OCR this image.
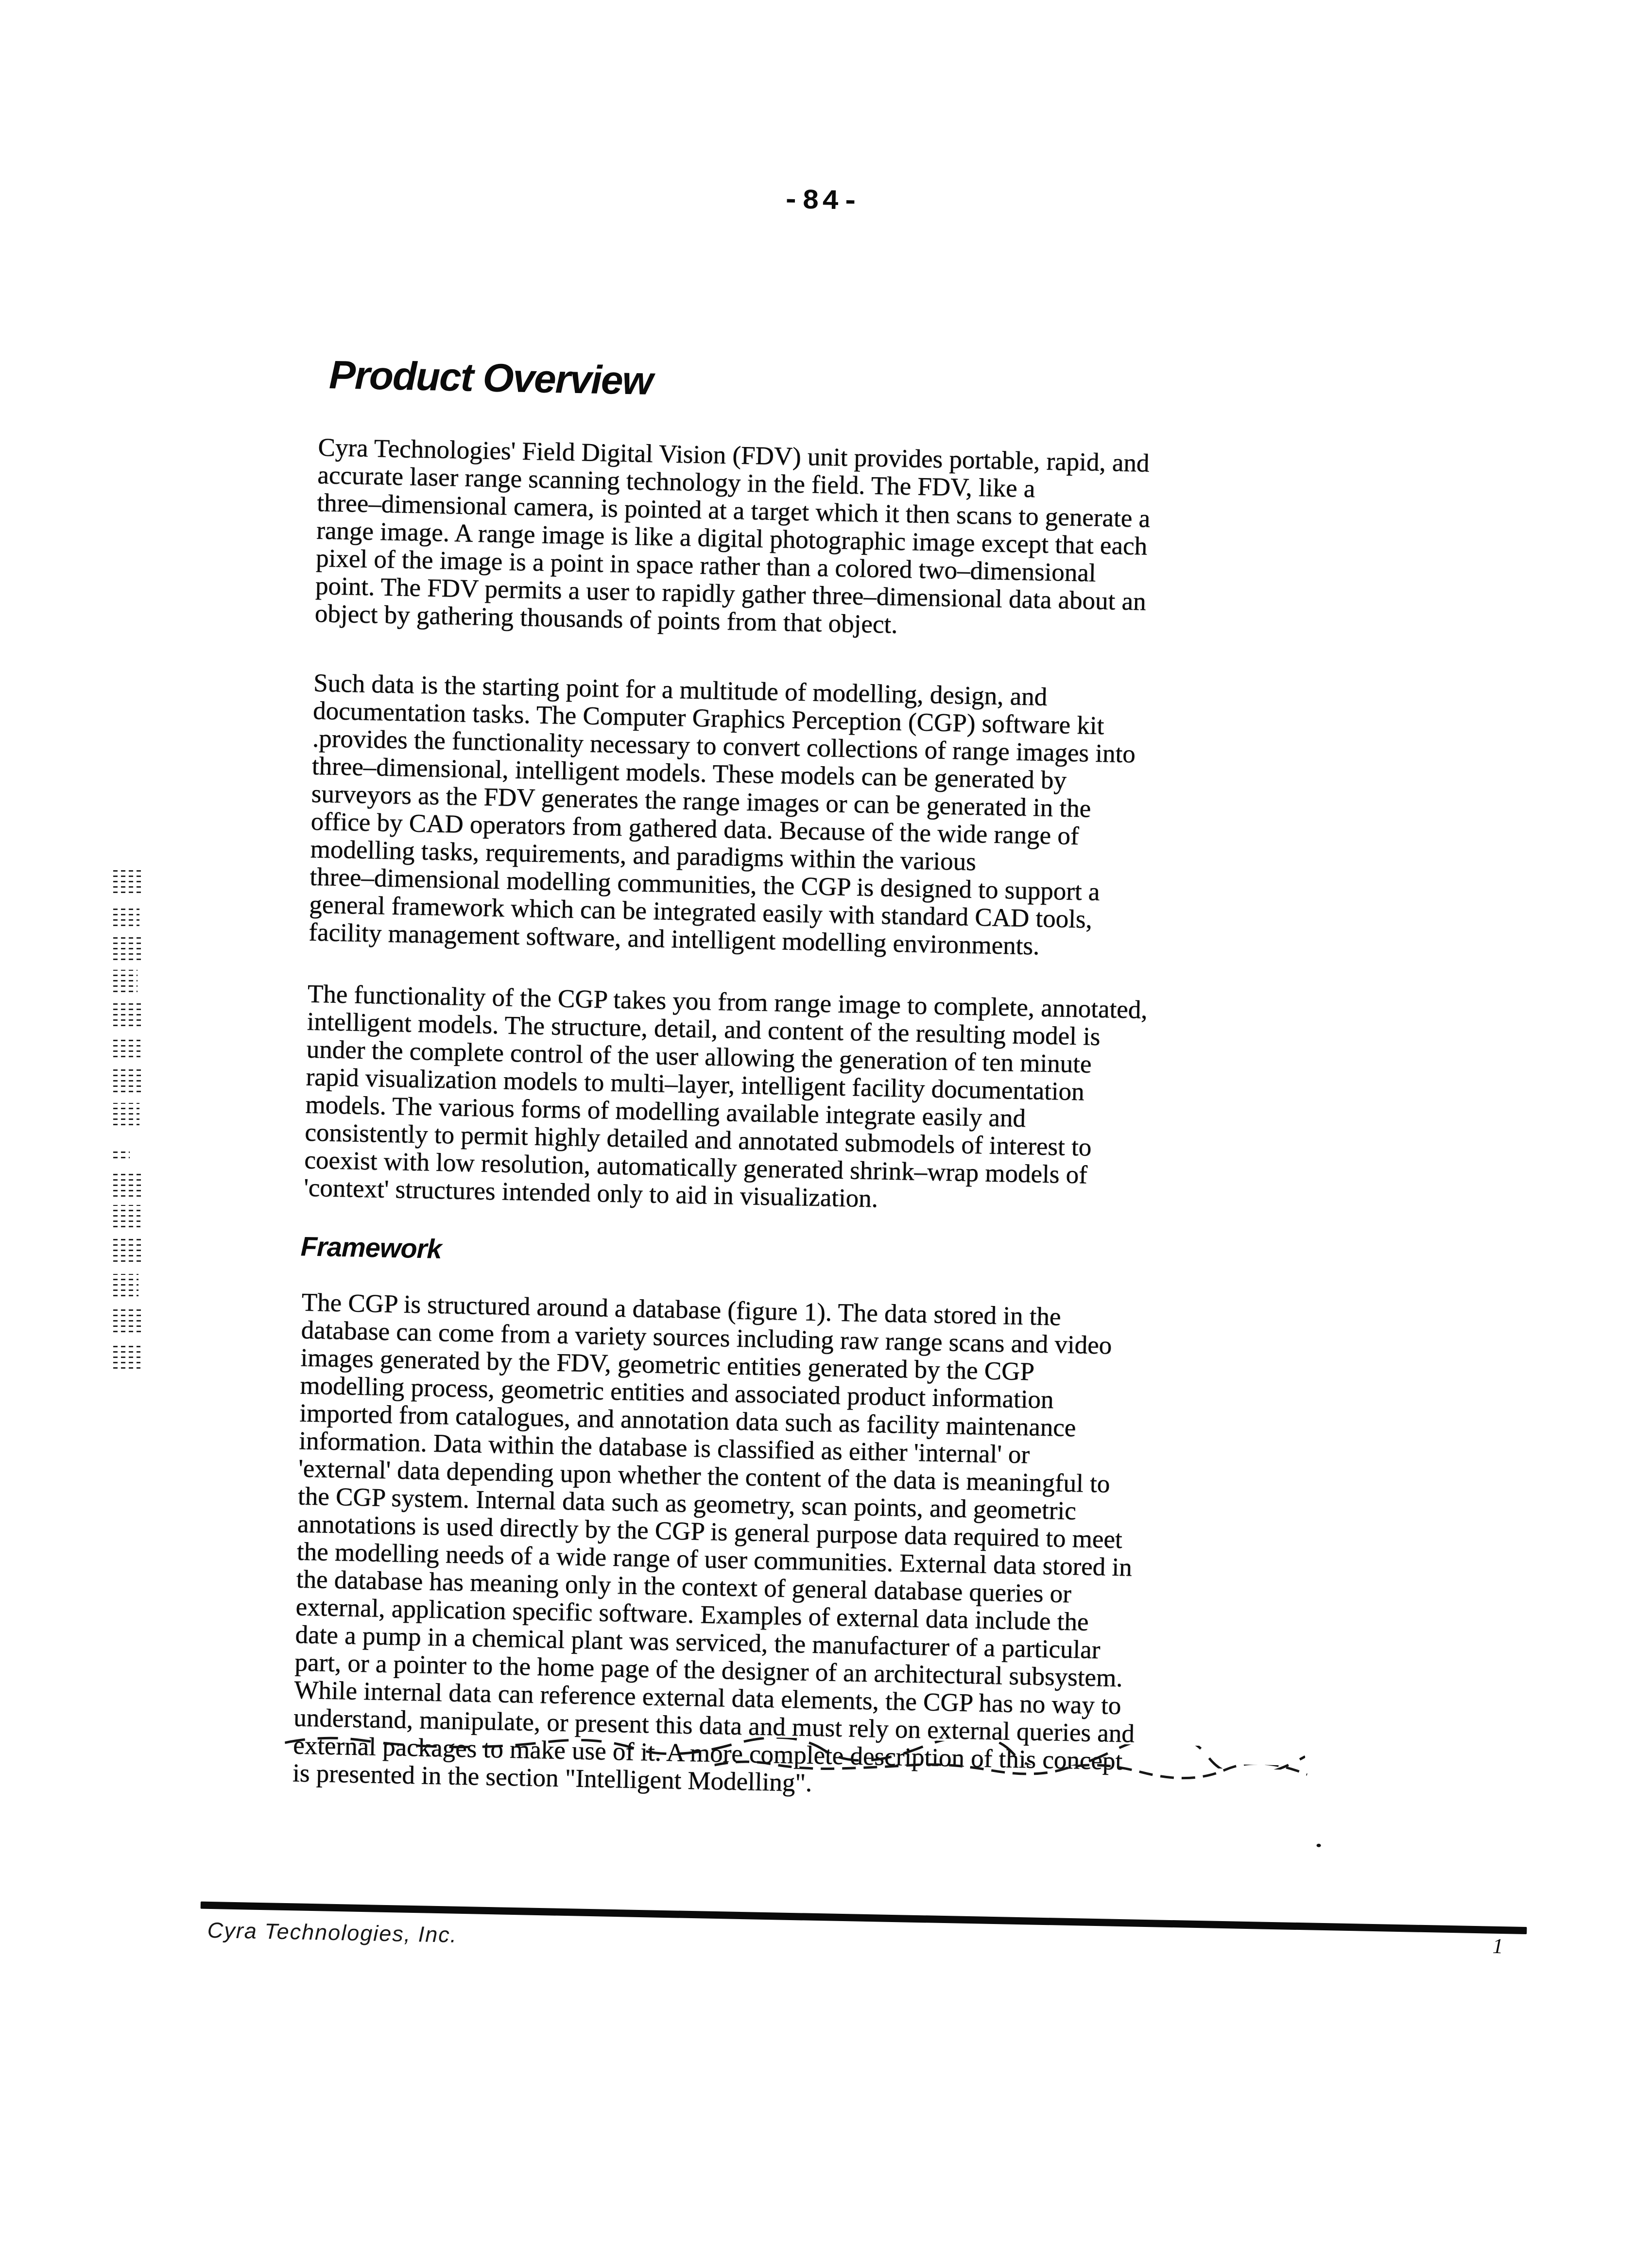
-84-
Product Overview
Cyra Technologies' Field Digital Vision (FDV) unit provides portable, rapid, and
accurate laser range scanning technology in the field. The FDV, like a
three–dimensional camera, is pointed at a target which it then scans to generate a
range image. A range image is like a digital photographic image except that each
pixel of the image is a point in space rather than a colored two–dimensional
point. The FDV permits a user to rapidly gather three–dimensional data about an
object by gathering thousands of points from that object.
Such data is the starting point for a multitude of modelling, design, and
documentation tasks. The Computer Graphics Perception (CGP) software kit
.provides the functionality necessary to convert collections of range images into
three–dimensional, intelligent models. These models can be generated by
surveyors as the FDV generates the range images or can be generated in the
office by CAD operators from gathered data. Because of the wide range of
modelling tasks, requirements, and paradigms within the various
three–dimensional modelling communities, the CGP is designed to support a
general framework which can be integrated easily with standard CAD tools,
facility management software, and intelligent modelling environments.
The functionality of the CGP takes you from range image to complete, annotated,
intelligent models. The structure, detail, and content of the resulting model is
under the complete control of the user allowing the generation of ten minute
rapid visualization models to multi–layer, intelligent facility documentation
models. The various forms of modelling available integrate easily and
consistently to permit highly detailed and annotated submodels of interest to
coexist with low resolution, automatically generated shrink–wrap models of
'context' structures intended only to aid in visualization.
Framework
The CGP is structured around a database (figure 1). The data stored in the
database can come from a variety sources including raw range scans and video
images generated by the FDV, geometric entities generated by the CGP
modelling process, geometric entities and associated product information
imported from catalogues, and annotation data such as facility maintenance
information. Data within the database is classified as either 'internal' or
'external' data depending upon whether the content of the data is meaningful to
the CGP system. Internal data such as geometry, scan points, and geometric
annotations is used directly by the CGP is general purpose data required to meet
the modelling needs of a wide range of user communities. External data stored in
the database has meaning only in the context of general database queries or
external, application specific software. Examples of external data include the
date a pump in a chemical plant was serviced, the manufacturer of a particular
part, or a pointer to the home page of the designer of an architectural subsystem.
While internal data can reference external data elements, the CGP has no way to
understand, manipulate, or present this data and must rely on external queries and
external packages to make use of it. A more complete description of this concept
is presented in the section "Intelligent Modelling".
Cyra Technologies, Inc.	1
